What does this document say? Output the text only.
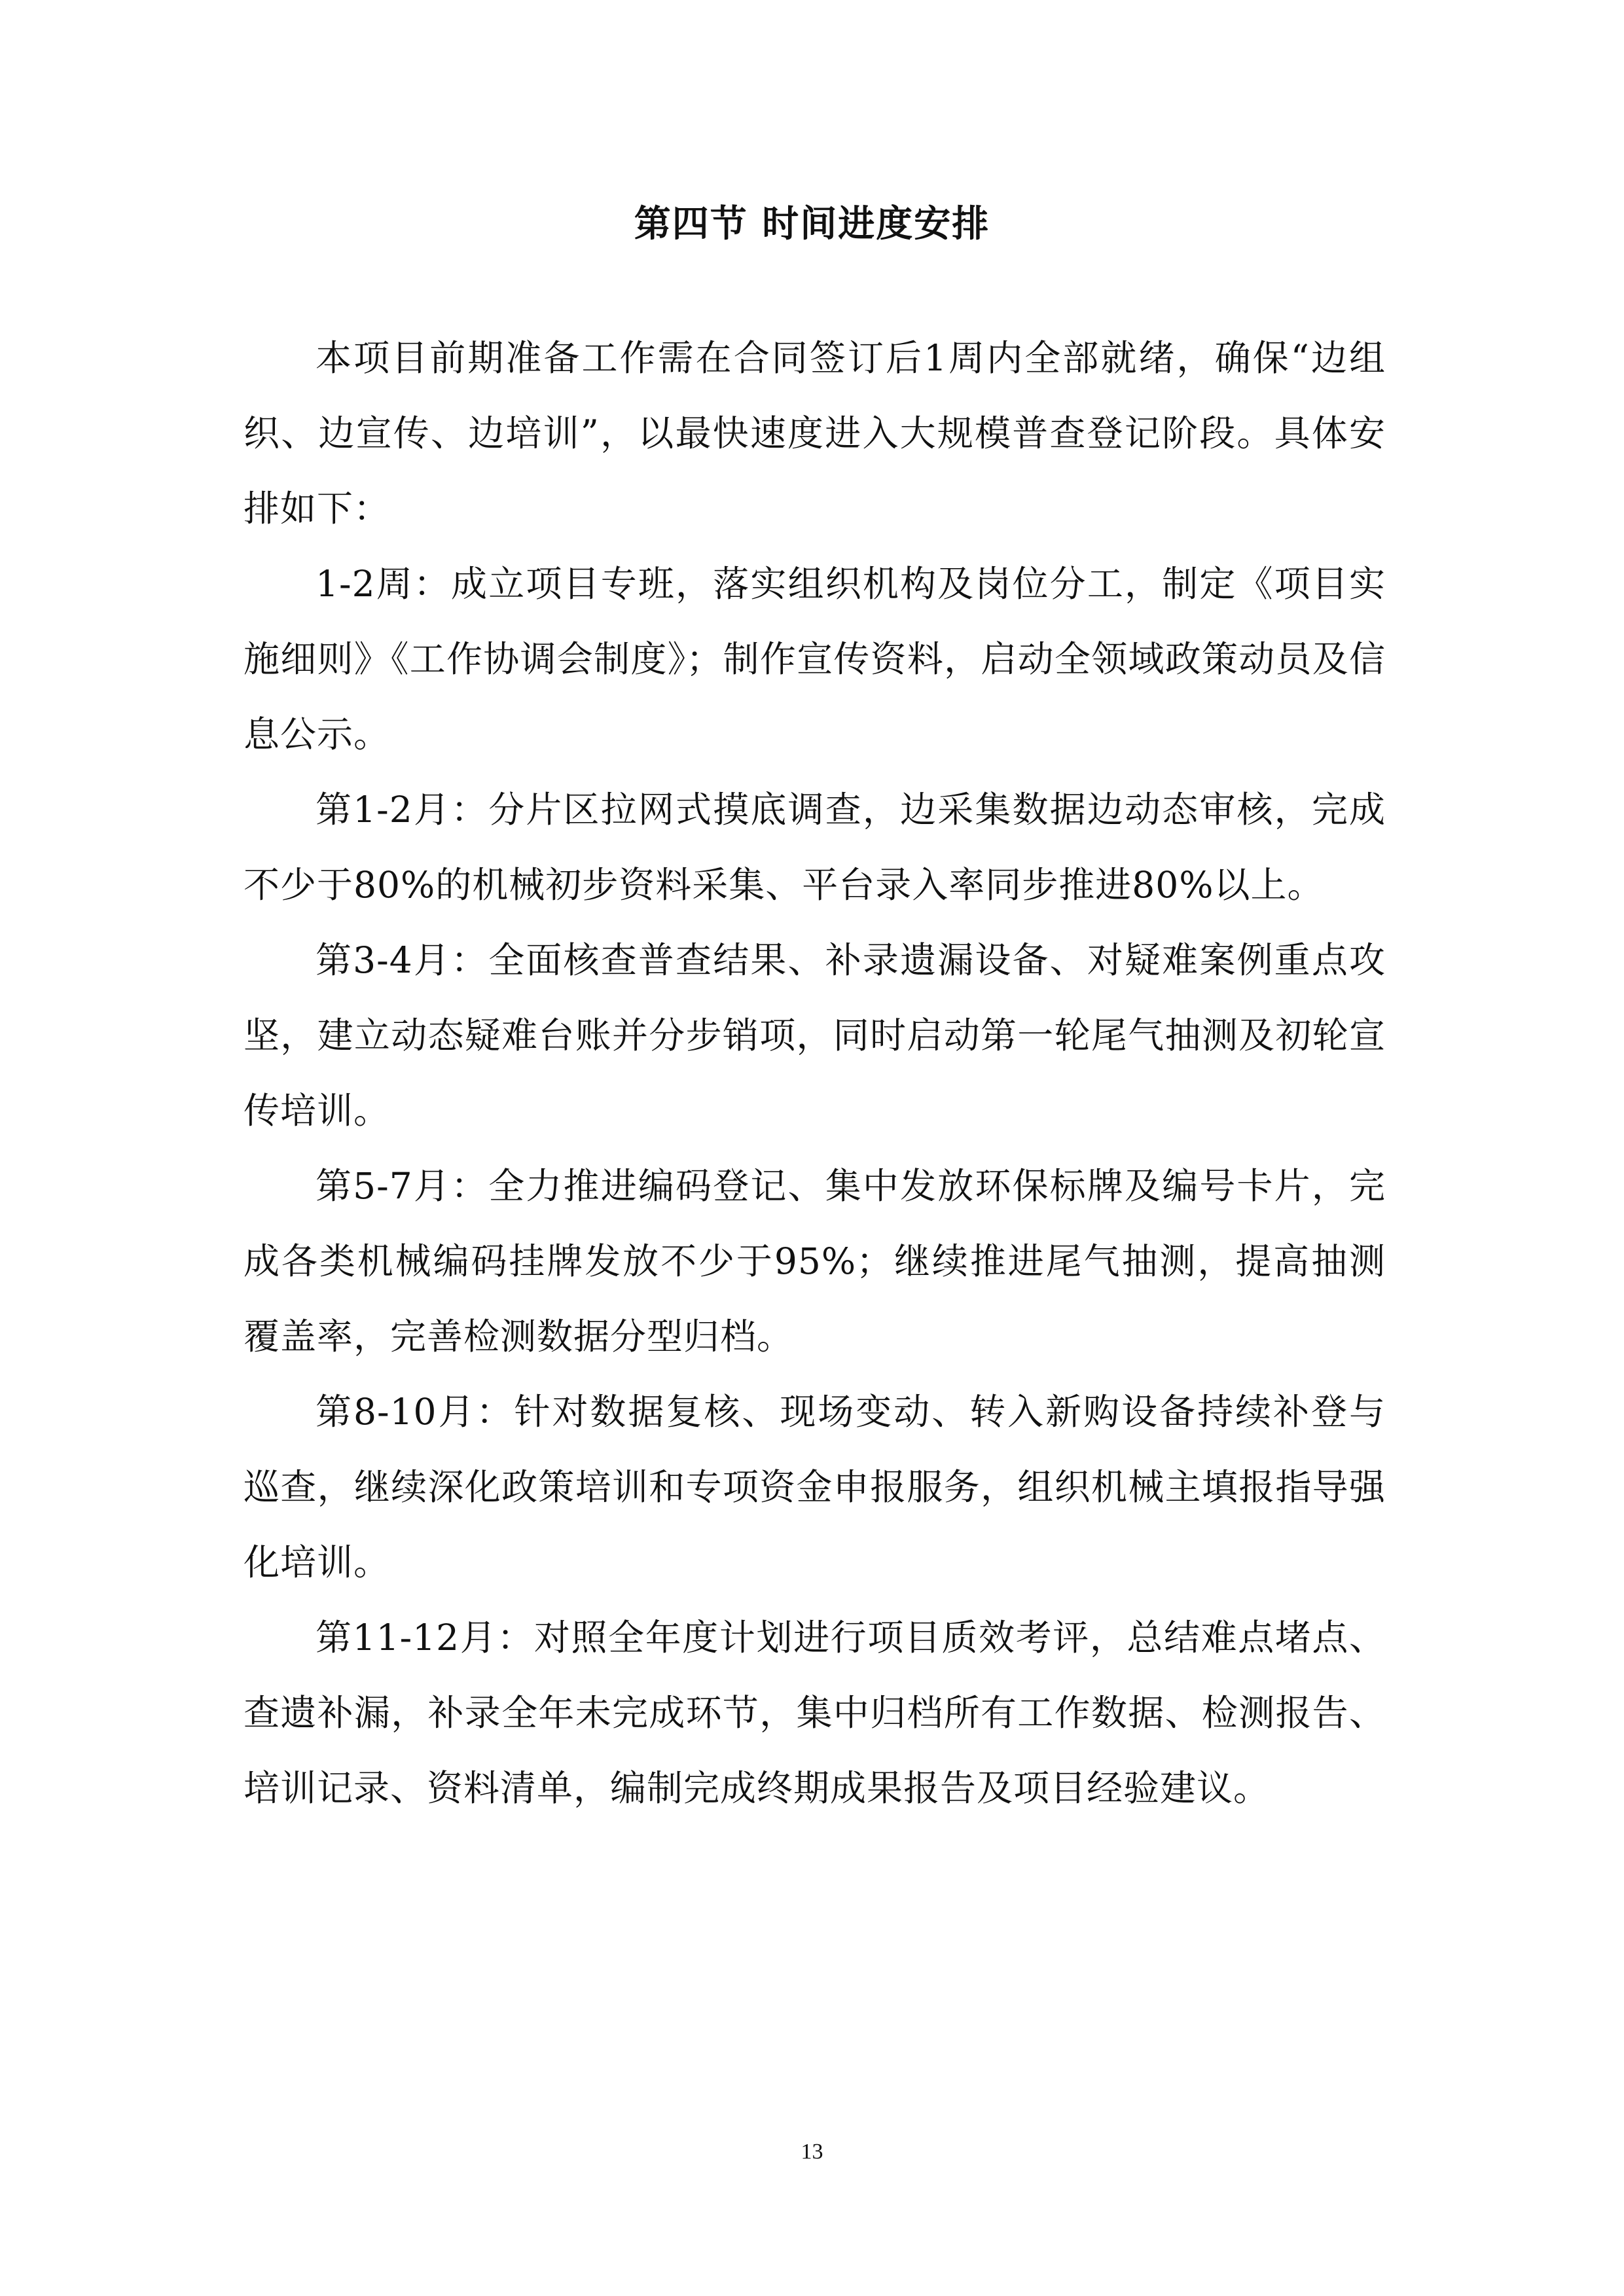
第四节 时间进度安排

本项目前期准备工作需在合同签订后1周内全部就绪，确保“边组织、边宣传、边培训”，以最快速度进入大规模普查登记阶段。具体安排如下：

1-2周：成立项目专班，落实组织机构及岗位分工，制定《项目实施细则》《工作协调会制度》；制作宣传资料，启动全领域政策动员及信息公示。

第1-2月：分片区拉网式摸底调查，边采集数据边动态审核，完成不少于80%的机械初步资料采集、平台录入率同步推进80%以上。

第3-4月：全面核查普查结果、补录遗漏设备、对疑难案例重点攻坚，建立动态疑难台账并分步销项，同时启动第一轮尾气抽测及初轮宣传培训。

第5-7月：全力推进编码登记、集中发放环保标牌及编号卡片，完成各类机械编码挂牌发放不少于95%；继续推进尾气抽测，提高抽测覆盖率，完善检测数据分型归档。

第8-10月：针对数据复核、现场变动、转入新购设备持续补登与巡查，继续深化政策培训和专项资金申报服务，组织机械主填报指导强化培训。

第11-12月：对照全年度计划进行项目质效考评，总结难点堵点、查遗补漏，补录全年未完成环节，集中归档所有工作数据、检测报告、培训记录、资料清单，编制完成终期成果报告及项目经验建议。

13
